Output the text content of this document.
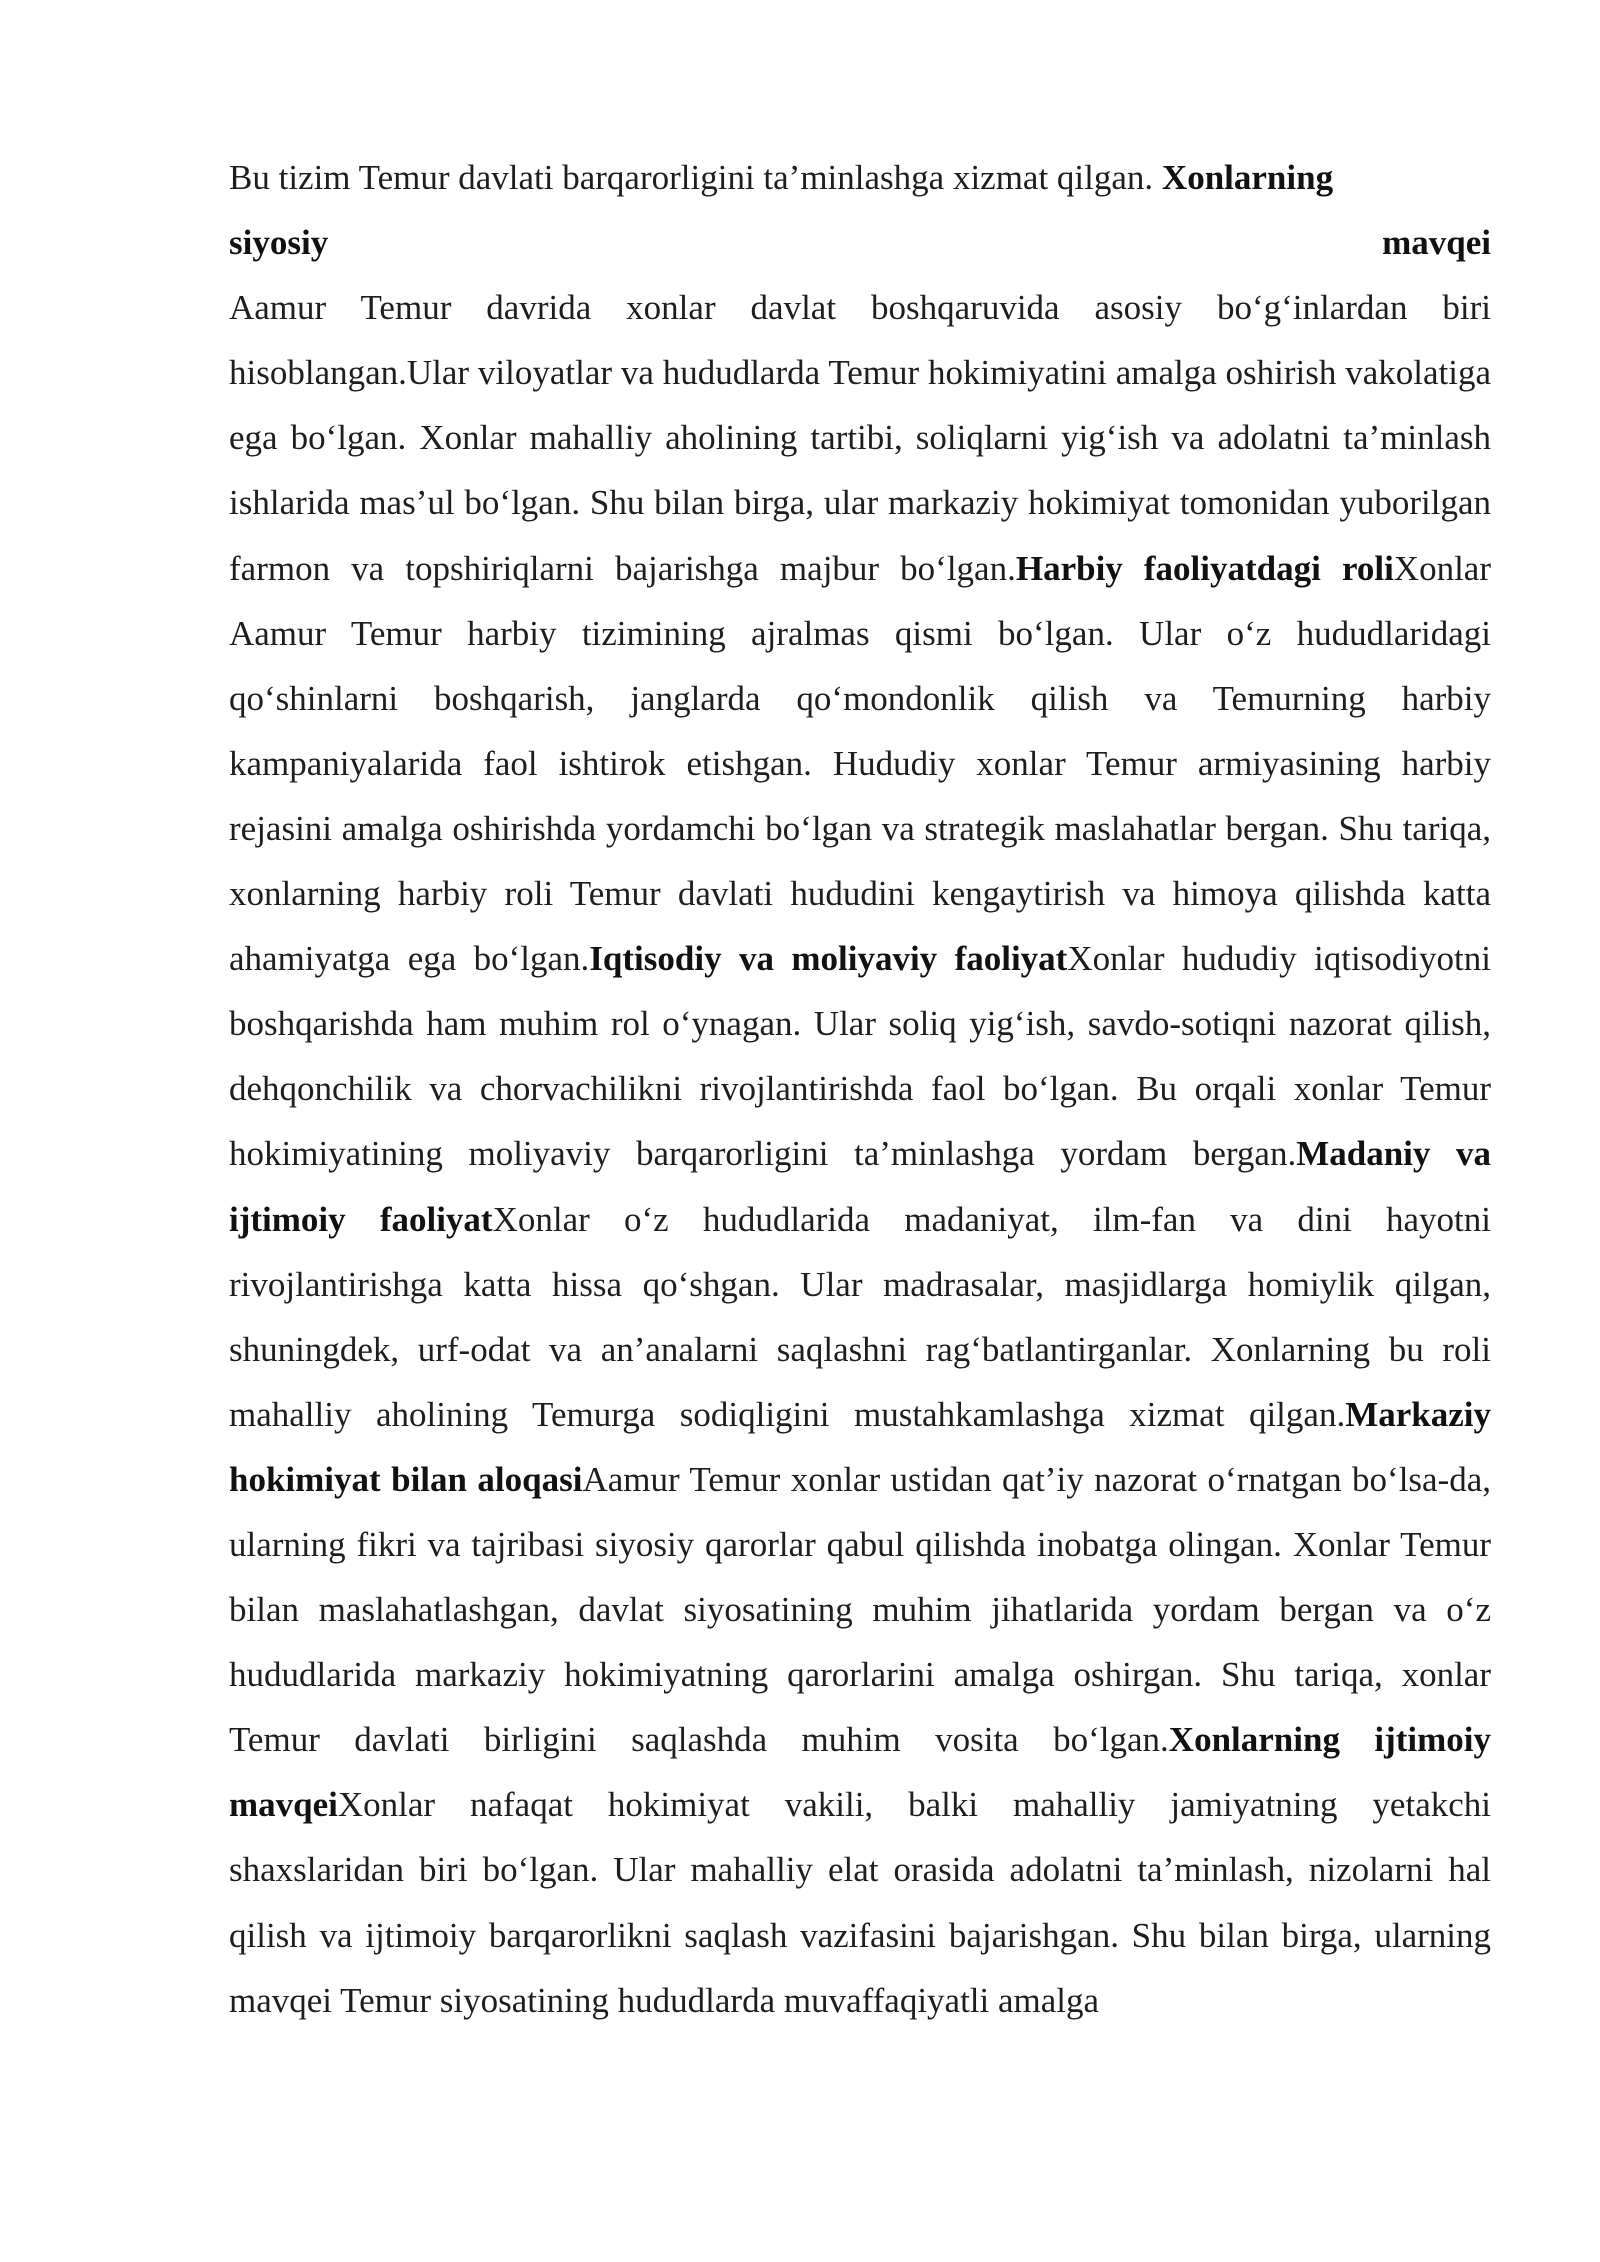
Bu tizim Temur davlati barqarorligini ta’minlashga xizmat qilgan. Xonlarning

siyosiy	mavqei

Aamur Temur davrida xonlar davlat boshqaruvida asosiy bo‘g‘inlardan biri hisoblangan.Ular viloyatlar va hududlarda Temur hokimiyatini amalga oshirish vakolatiga ega bo‘lgan. Xonlar mahalliy aholining tartibi, soliqlarni yig‘ish va adolatni ta’minlash ishlarida mas’ul bo‘lgan. Shu bilan birga, ular markaziy hokimiyat tomonidan yuborilgan farmon va topshiriqlarni bajarishga majbur bo‘lgan.Harbiy faoliyatdagi roliXonlar Aamur Temur harbiy tizimining ajralmas qismi bo‘lgan. Ular o‘z hududlaridagi qo‘shinlarni boshqarish, janglarda qo‘mondonlik qilish va Temurning harbiy kampaniyalarida faol ishtirok etishgan. Hududiy xonlar Temur armiyasining harbiy rejasini amalga oshirishda yordamchi bo‘lgan va strategik maslahatlar bergan. Shu tariqa, xonlarning harbiy roli Temur davlati hududini kengaytirish va himoya qilishda katta ahamiyatga ega bo‘lgan.Iqtisodiy va moliyaviy faoliyatXonlar hududiy iqtisodiyotni boshqarishda ham muhim rol o‘ynagan. Ular soliq yig‘ish, savdo-sotiqni nazorat qilish, dehqonchilik va chorvachilikni rivojlantirishda faol bo‘lgan. Bu orqali xonlar Temur hokimiyatining moliyaviy barqarorligini ta’minlashga yordam bergan.Madaniy va ijtimoiy faoliyatXonlar o‘z hududlarida madaniyat, ilm-fan va dini hayotni rivojlantirishga katta hissa qo‘shgan. Ular madrasalar, masjidlarga homiylik qilgan, shuningdek, urf-odat va an’analarni saqlashni rag‘batlantirganlar. Xonlarning bu roli mahalliy aholining Temurga sodiqligini mustahkamlashga xizmat qilgan.Markaziy hokimiyat bilan aloqasiAamur Temur xonlar ustidan qat’iy nazorat o‘rnatgan bo‘lsa-da, ularning fikri va tajribasi siyosiy qarorlar qabul qilishda inobatga olingan. Xonlar Temur bilan maslahatlashgan, davlat siyosatining muhim jihatlarida yordam bergan va o‘z hududlarida markaziy hokimiyatning qarorlarini amalga oshirgan. Shu tariqa, xonlar Temur davlati birligini saqlashda muhim vosita bo‘lgan.Xonlarning ijtimoiy mavqeiXonlar nafaqat hokimiyat vakili, balki mahalliy jamiyatning yetakchi shaxslaridan biri bo‘lgan. Ular mahalliy elat orasida adolatni ta’minlash, nizolarni hal qilish va ijtimoiy barqarorlikni saqlash vazifasini bajarishgan. Shu bilan birga, ularning mavqei Temur siyosatining hududlarda muvaffaqiyatli amalga
